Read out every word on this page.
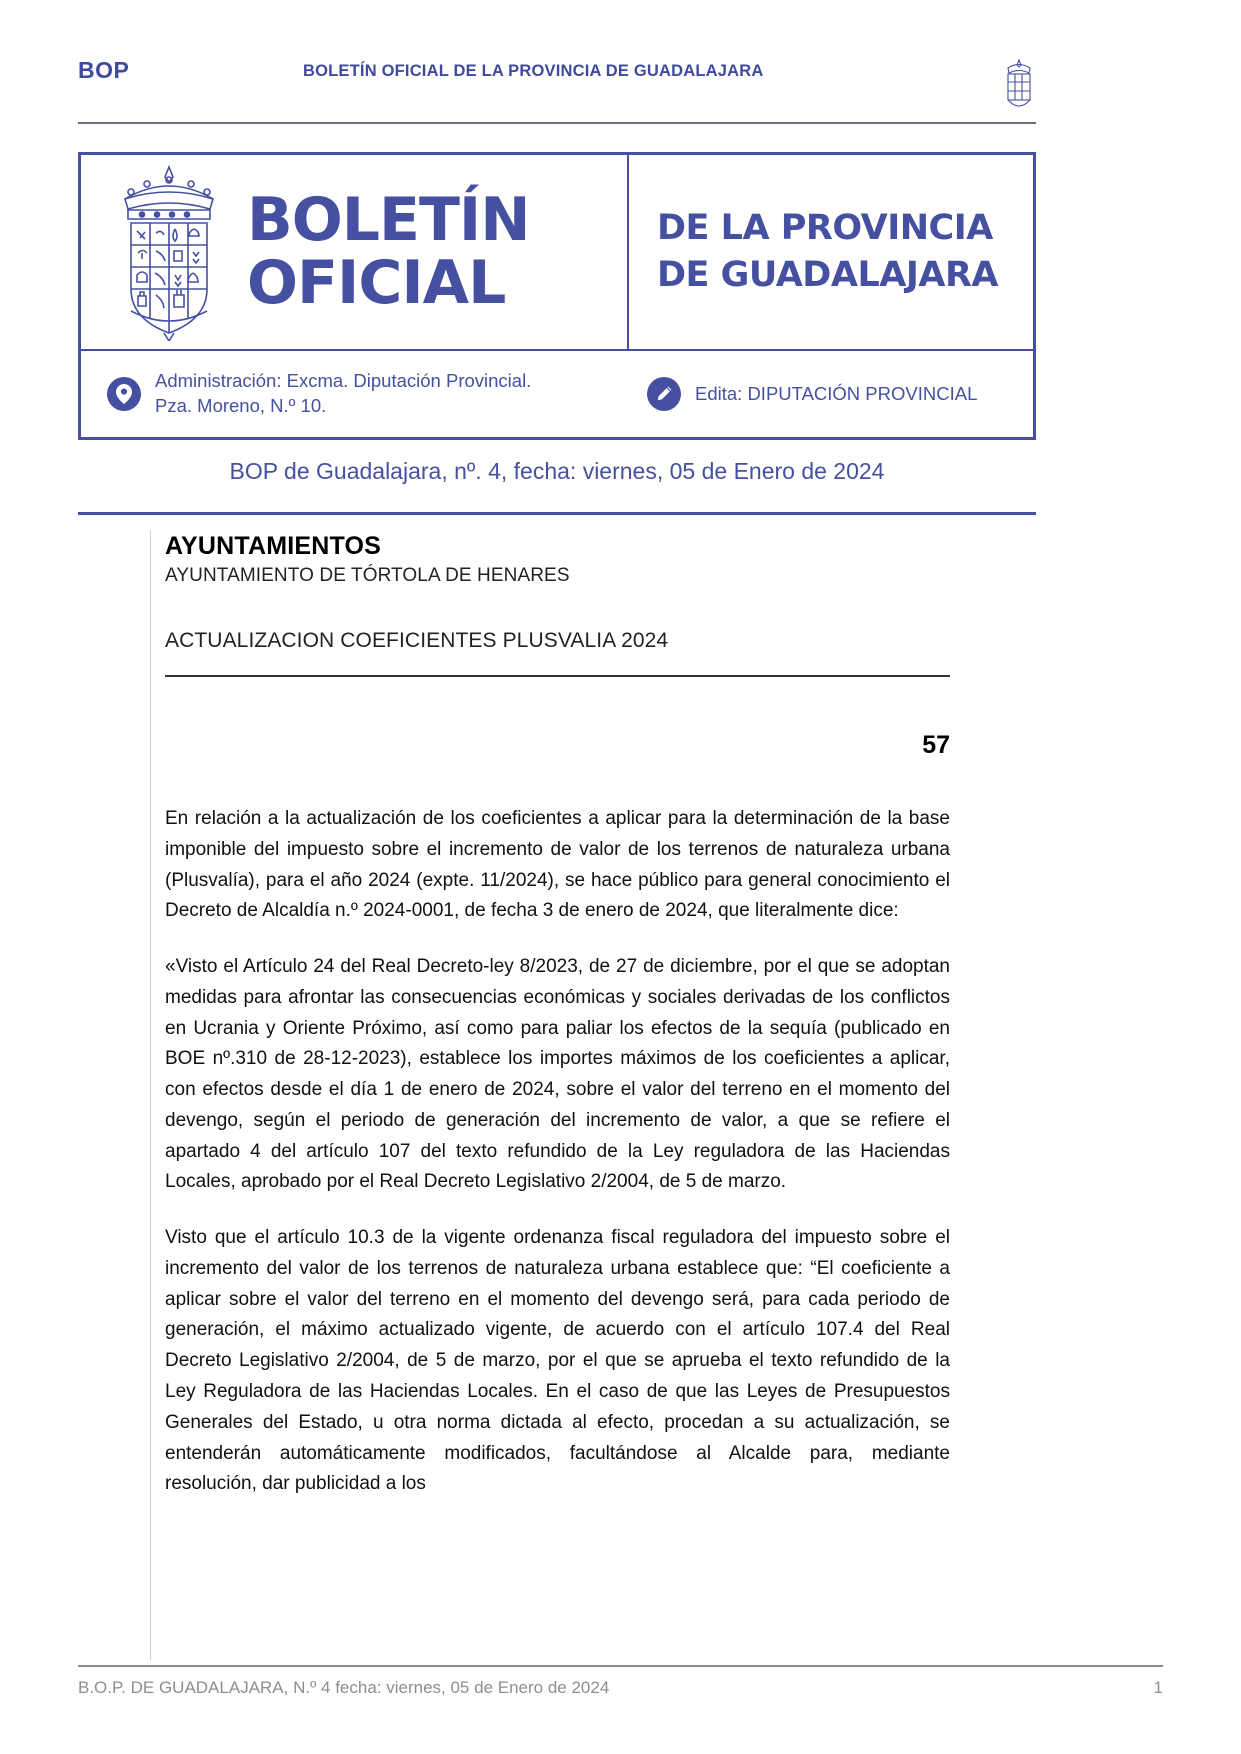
BOP	BOLETÍN OFICIAL DE LA PROVINCIA DE GUADALAJARA
BOLETÍN
OFICIAL
DE LA PROVINCIA
DE GUADALAJARA
Administración: Excma. Diputación Provincial.
Pza. Moreno, N.º 10.
Edita: DIPUTACIÓN PROVINCIAL
BOP de Guadalajara, nº. 4, fecha: viernes, 05 de Enero de 2024
AYUNTAMIENTOS
AYUNTAMIENTO DE TÓRTOLA DE HENARES
ACTUALIZACION COEFICIENTES PLUSVALIA 2024
57

En relación a la actualización de los coeficientes a aplicar para la determinación de la base imponible del impuesto sobre el incremento de valor de los terrenos de naturaleza urbana (Plusvalía), para el año 2024 (expte. 11/2024), se hace público para general conocimiento el Decreto de Alcaldía n.º 2024-0001, de fecha 3 de enero de 2024, que literalmente dice:

«Visto el Artículo 24 del Real Decreto-ley 8/2023, de 27 de diciembre, por el que se adoptan medidas para afrontar las consecuencias económicas y sociales derivadas de los conflictos en Ucrania y Oriente Próximo, así como para paliar los efectos de la sequía (publicado en BOE nº.310 de 28-12-2023), establece los importes máximos de los coeficientes a aplicar, con efectos desde el día 1 de enero de 2024, sobre el valor del terreno en el momento del devengo, según el periodo de generación del incremento de valor, a que se refiere el apartado 4 del artículo 107 del texto refundido de la Ley reguladora de las Haciendas Locales, aprobado por el Real Decreto Legislativo 2/2004, de 5 de marzo.

Visto que el artículo 10.3 de la vigente ordenanza fiscal reguladora del impuesto sobre el incremento del valor de los terrenos de naturaleza urbana establece que: “El coeficiente a aplicar sobre el valor del terreno en el momento del devengo será, para cada periodo de generación, el máximo actualizado vigente, de acuerdo con el artículo 107.4 del Real Decreto Legislativo 2/2004, de 5 de marzo, por el que se aprueba el texto refundido de la Ley Reguladora de las Haciendas Locales. En el caso de que las Leyes de Presupuestos Generales del Estado, u otra norma dictada al efecto, procedan a su actualización, se entenderán automáticamente modificados, facultándose al Alcalde para, mediante resolución, dar publicidad a los

B.O.P. DE GUADALAJARA, N.º 4 fecha: viernes, 05 de Enero de 2024	1
